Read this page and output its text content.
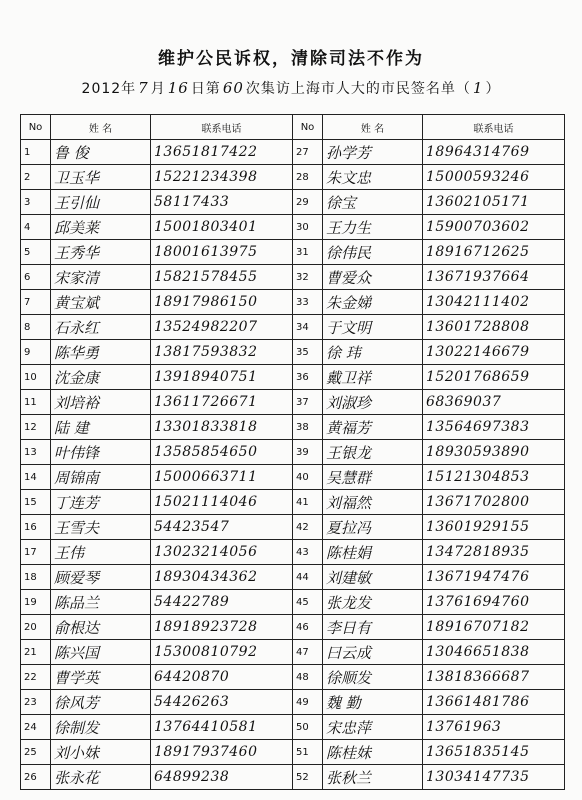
维护公民诉权，清除司法不作为
2012年 7 月 16 日第 60 次集访上海市人大的市民签名单（ 1 ）
No	姓 名	联系电话	No	姓 名	联系电话
1	鲁 俊	13651817422	27	孙学芳	18964314769
2	卫玉华	15221234398	28	朱文忠	15000593246
3	王引仙	58117433	29	徐宝	13602105171
4	邱美莱	15001803401	30	王力生	15900703602
5	王秀华	18001613975	31	徐伟民	18916712625
6	宋家清	15821578455	32	曹爱众	13671937664
7	黄宝斌	18917986150	33	朱金娣	13042111402
8	石永红	13524982207	34	于文明	13601728808
9	陈华勇	13817593832	35	徐 玮	13022146679
10	沈金康	13918940751	36	戴卫祥	15201768659
11	刘培裕	13611726671	37	刘淑珍	68369037
12	陆 建	13301833818	38	黄福芳	13564697383
13	叶伟锋	13585854650	39	王银龙	18930593890
14	周锦南	15000663711	40	吴慧群	15121304853
15	丁连芳	15021114046	41	刘福然	13671702800
16	王雪夫	54423547	42	夏拉冯	13601929155
17	王伟	13023214056	43	陈桂娟	13472818935
18	顾爱琴	18930434362	44	刘建敏	13671947476
19	陈品兰	54422789	45	张龙发	13761694760
20	俞根达	18918923728	46	李日有	18916707182
21	陈兴国	15300810792	47	曰云成	13046651838
22	曹学英	64420870	48	徐顺发	13818366687
23	徐风芳	54426263	49	魏 勤	13661481786
24	徐制发	13764410581	50	宋忠萍	13761963
25	刘小妹	18917937460	51	陈桂妹	13651835145
26	张永花	64899238	52	张秋兰	13034147735
